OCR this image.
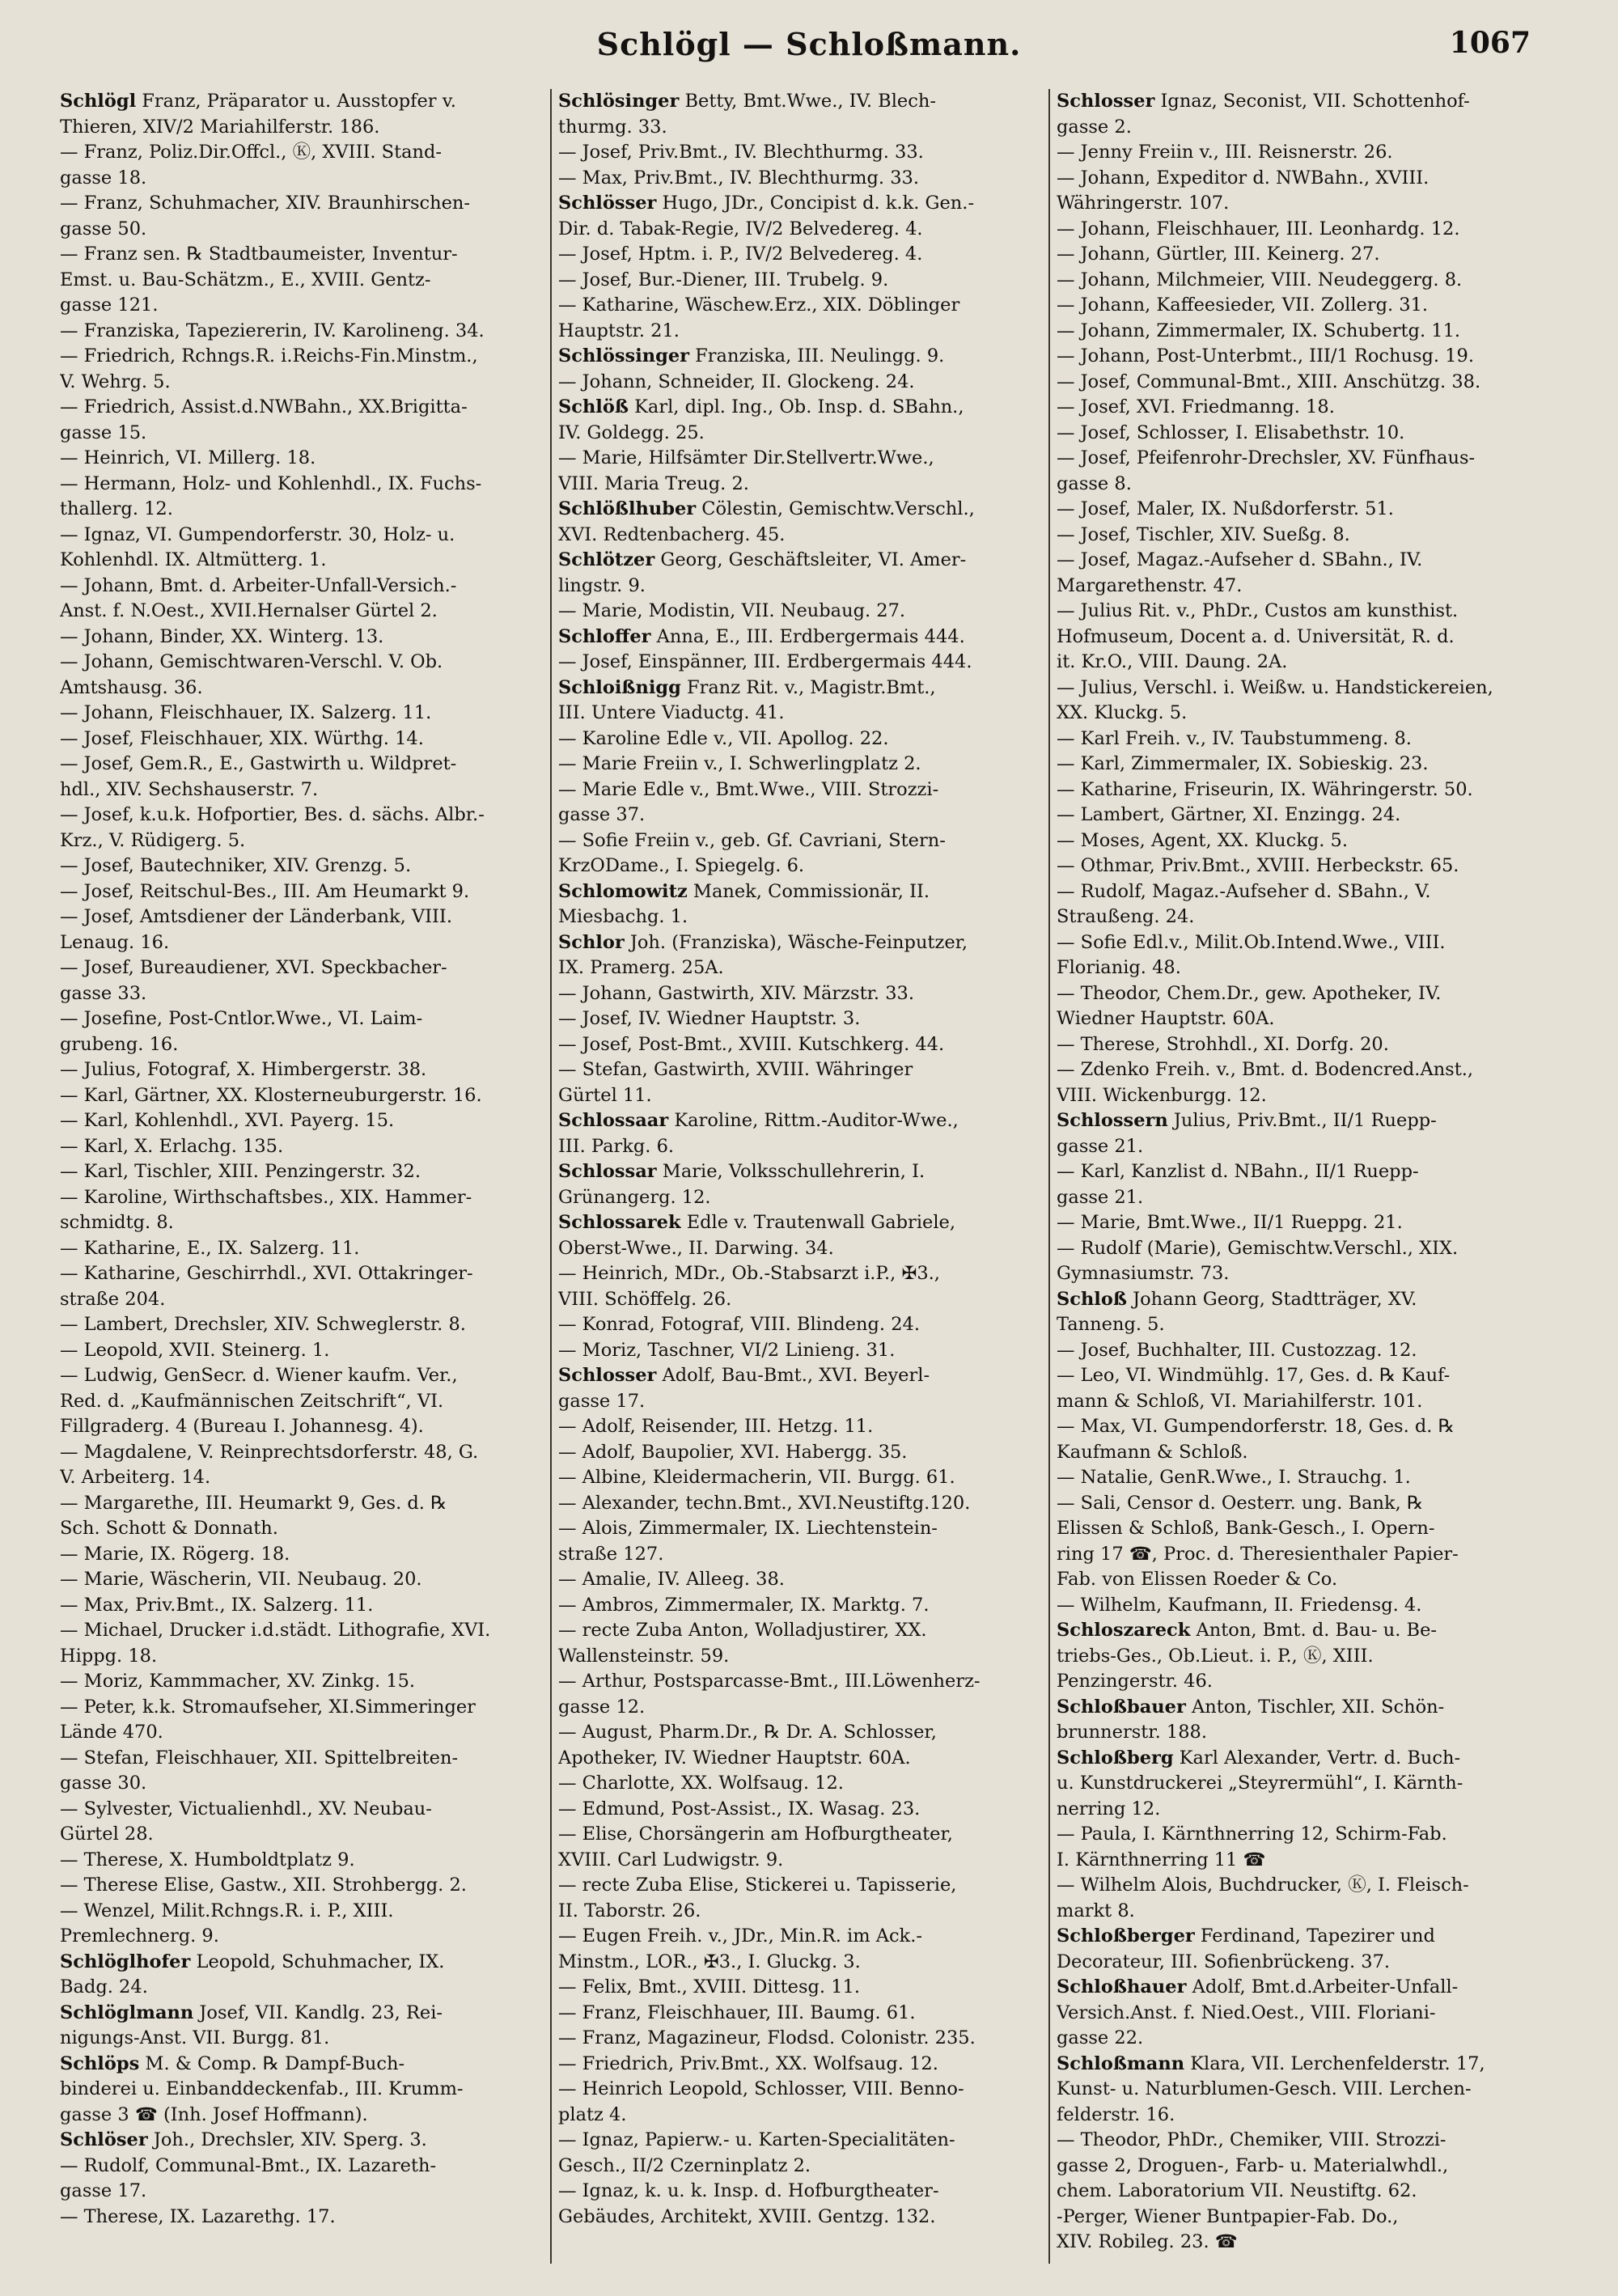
Schlögl — Schloßmann.	1067
Schlögl Franz, Präparator u. Ausstopfer v.
Thieren, XIV/2 Mariahilferstr. 186.
— Franz, Poliz.Dir.Offcl., Ⓚ, XVIII. Stand-
gasse 18.
— Franz, Schuhmacher, XIV. Braunhirschen-
gasse 50.
— Franz sen. ℞ Stadtbaumeister, Inventur-
Emst. u. Bau-Schätzm., E., XVIII. Gentz-
gasse 121.
— Franziska, Tapeziererin, IV. Karolineng. 34.
— Friedrich, Rchngs.R. i.Reichs-Fin.Minstm.,
V. Wehrg. 5.
— Friedrich, Assist.d.NWBahn., XX.Brigitta-
gasse 15.
— Heinrich, VI. Millerg. 18.
— Hermann, Holz- und Kohlenhdl., IX. Fuchs-
thallerg. 12.
— Ignaz, VI. Gumpendorferstr. 30, Holz- u.
Kohlenhdl. IX. Altmütterg. 1.
— Johann, Bmt. d. Arbeiter-Unfall-Versich.-
Anst. f. N.Oest., XVII.Hernalser Gürtel 2.
— Johann, Binder, XX. Winterg. 13.
— Johann, Gemischtwaren-Verschl. V. Ob.
Amtshausg. 36.
— Johann, Fleischhauer, IX. Salzerg. 11.
— Josef, Fleischhauer, XIX. Würthg. 14.
— Josef, Gem.R., E., Gastwirth u. Wildpret-
hdl., XIV. Sechshauserstr. 7.
— Josef, k.u.k. Hofportier, Bes. d. sächs. Albr.-
Krz., V. Rüdigerg. 5.
— Josef, Bautechniker, XIV. Grenzg. 5.
— Josef, Reitschul-Bes., III. Am Heumarkt 9.
— Josef, Amtsdiener der Länderbank, VIII.
Lenaug. 16.
— Josef, Bureaudiener, XVI. Speckbacher-
gasse 33.
— Josefine, Post-Cntlor.Wwe., VI. Laim-
grubeng. 16.
— Julius, Fotograf, X. Himbergerstr. 38.
— Karl, Gärtner, XX. Klosterneuburgerstr. 16.
— Karl, Kohlenhdl., XVI. Payerg. 15.
— Karl, X. Erlachg. 135.
— Karl, Tischler, XIII. Penzingerstr. 32.
— Karoline, Wirthschaftsbes., XIX. Hammer-
schmidtg. 8.
— Katharine, E., IX. Salzerg. 11.
— Katharine, Geschirrhdl., XVI. Ottakringer-
straße 204.
— Lambert, Drechsler, XIV. Schweglerstr. 8.
— Leopold, XVII. Steinerg. 1.
— Ludwig, GenSecr. d. Wiener kaufm. Ver.,
Red. d. „Kaufmännischen Zeitschrift“, VI.
Fillgraderg. 4 (Bureau I. Johannesg. 4).
— Magdalene, V. Reinprechtsdorferstr. 48, G.
V. Arbeiterg. 14.
— Margarethe, III. Heumarkt 9, Ges. d. ℞
Sch. Schott & Donnath.
— Marie, IX. Rögerg. 18.
— Marie, Wäscherin, VII. Neubaug. 20.
— Max, Priv.Bmt., IX. Salzerg. 11.
— Michael, Drucker i.d.städt. Lithografie, XVI.
Hippg. 18.
— Moriz, Kammmacher, XV. Zinkg. 15.
— Peter, k.k. Stromaufseher, XI.Simmeringer
Lände 470.
— Stefan, Fleischhauer, XII. Spittelbreiten-
gasse 30.
— Sylvester, Victualienhdl., XV. Neubau-
Gürtel 28.
— Therese, X. Humboldtplatz 9.
— Therese Elise, Gastw., XII. Strohbergg. 2.
— Wenzel, Milit.Rchngs.R. i. P., XIII.
Premlechnerg. 9.
Schlöglhofer Leopold, Schuhmacher, IX.
Badg. 24.
Schlöglmann Josef, VII. Kandlg. 23, Rei-
nigungs-Anst. VII. Burgg. 81.
Schlöps M. & Comp. ℞ Dampf-Buch-
binderei u. Einbanddeckenfab., III. Krumm-
gasse 3 ☎ (Inh. Josef Hoffmann).
Schlöser Joh., Drechsler, XIV. Sperg. 3.
— Rudolf, Communal-Bmt., IX. Lazareth-
gasse 17.
— Therese, IX. Lazarethg. 17.
Schlösinger Betty, Bmt.Wwe., IV. Blech-
thurmg. 33.
— Josef, Priv.Bmt., IV. Blechthurmg. 33.
— Max, Priv.Bmt., IV. Blechthurmg. 33.
Schlösser Hugo, JDr., Concipist d. k.k. Gen.-
Dir. d. Tabak-Regie, IV/2 Belvedereg. 4.
— Josef, Hptm. i. P., IV/2 Belvedereg. 4.
— Josef, Bur.-Diener, III. Trubelg. 9.
— Katharine, Wäschew.Erz., XIX. Döblinger
Hauptstr. 21.
Schlössinger Franziska, III. Neulingg. 9.
— Johann, Schneider, II. Glockeng. 24.
Schlöß Karl, dipl. Ing., Ob. Insp. d. SBahn.,
IV. Goldegg. 25.
— Marie, Hilfsämter Dir.Stellvertr.Wwe.,
VIII. Maria Treug. 2.
Schlößlhuber Cölestin, Gemischtw.Verschl.,
XVI. Redtenbacherg. 45.
Schlötzer Georg, Geschäftsleiter, VI. Amer-
lingstr. 9.
— Marie, Modistin, VII. Neubaug. 27.
Schloffer Anna, E., III. Erdbergermais 444.
— Josef, Einspänner, III. Erdbergermais 444.
Schloißnigg Franz Rit. v., Magistr.Bmt.,
III. Untere Viaductg. 41.
— Karoline Edle v., VII. Apollog. 22.
— Marie Freiin v., I. Schwerlingplatz 2.
— Marie Edle v., Bmt.Wwe., VIII. Strozzi-
gasse 37.
— Sofie Freiin v., geb. Gf. Cavriani, Stern-
KrzODame., I. Spiegelg. 6.
Schlomowitz Manek, Commissionär, II.
Miesbachg. 1.
Schlor Joh. (Franziska), Wäsche-Feinputzer,
IX. Pramerg. 25A.
— Johann, Gastwirth, XIV. Märzstr. 33.
— Josef, IV. Wiedner Hauptstr. 3.
— Josef, Post-Bmt., XVIII. Kutschkerg. 44.
— Stefan, Gastwirth, XVIII. Währinger
Gürtel 11.
Schlossaar Karoline, Rittm.-Auditor-Wwe.,
III. Parkg. 6.
Schlossar Marie, Volksschullehrerin, I.
Grünangerg. 12.
Schlossarek Edle v. Trautenwall Gabriele,
Oberst-Wwe., II. Darwing. 34.
— Heinrich, MDr., Ob.-Stabsarzt i.P., ✠3.,
VIII. Schöffelg. 26.
— Konrad, Fotograf, VIII. Blindeng. 24.
— Moriz, Taschner, VI/2 Linieng. 31.
Schlosser Adolf, Bau-Bmt., XVI. Beyerl-
gasse 17.
— Adolf, Reisender, III. Hetzg. 11.
— Adolf, Baupolier, XVI. Habergg. 35.
— Albine, Kleidermacherin, VII. Burgg. 61.
— Alexander, techn.Bmt., XVI.Neustiftg.120.
— Alois, Zimmermaler, IX. Liechtenstein-
straße 127.
— Amalie, IV. Alleeg. 38.
— Ambros, Zimmermaler, IX. Marktg. 7.
— recte Zuba Anton, Wolladjustirer, XX.
Wallensteinstr. 59.
— Arthur, Postsparcasse-Bmt., III.Löwenherz-
gasse 12.
— August, Pharm.Dr., ℞ Dr. A. Schlosser,
Apotheker, IV. Wiedner Hauptstr. 60A.
— Charlotte, XX. Wolfsaug. 12.
— Edmund, Post-Assist., IX. Wasag. 23.
— Elise, Chorsängerin am Hofburgtheater,
XVIII. Carl Ludwigstr. 9.
— recte Zuba Elise, Stickerei u. Tapisserie,
II. Taborstr. 26.
— Eugen Freih. v., JDr., Min.R. im Ack.-
Minstm., LOR., ✠3., I. Gluckg. 3.
— Felix, Bmt., XVIII. Dittesg. 11.
— Franz, Fleischhauer, III. Baumg. 61.
— Franz, Magazineur, Flodsd. Colonistr. 235.
— Friedrich, Priv.Bmt., XX. Wolfsaug. 12.
— Heinrich Leopold, Schlosser, VIII. Benno-
platz 4.
— Ignaz, Papierw.- u. Karten-Specialitäten-
Gesch., II/2 Czerninplatz 2.
— Ignaz, k. u. k. Insp. d. Hofburgtheater-
Gebäudes, Architekt, XVIII. Gentzg. 132.
Schlosser Ignaz, Seconist, VII. Schottenhof-
gasse 2.
— Jenny Freiin v., III. Reisnerstr. 26.
— Johann, Expeditor d. NWBahn., XVIII.
Währingerstr. 107.
— Johann, Fleischhauer, III. Leonhardg. 12.
— Johann, Gürtler, III. Keinerg. 27.
— Johann, Milchmeier, VIII. Neudeggerg. 8.
— Johann, Kaffeesieder, VII. Zollerg. 31.
— Johann, Zimmermaler, IX. Schubertg. 11.
— Johann, Post-Unterbmt., III/1 Rochusg. 19.
— Josef, Communal-Bmt., XIII. Anschützg. 38.
— Josef, XVI. Friedmanng. 18.
— Josef, Schlosser, I. Elisabethstr. 10.
— Josef, Pfeifenrohr-Drechsler, XV. Fünfhaus-
gasse 8.
— Josef, Maler, IX. Nußdorferstr. 51.
— Josef, Tischler, XIV. Sueßg. 8.
— Josef, Magaz.-Aufseher d. SBahn., IV.
Margarethenstr. 47.
— Julius Rit. v., PhDr., Custos am kunsthist.
Hofmuseum, Docent a. d. Universität, R. d.
it. Kr.O., VIII. Daung. 2A.
— Julius, Verschl. i. Weißw. u. Handstickereien,
XX. Kluckg. 5.
— Karl Freih. v., IV. Taubstummeng. 8.
— Karl, Zimmermaler, IX. Sobieskig. 23.
— Katharine, Friseurin, IX. Währingerstr. 50.
— Lambert, Gärtner, XI. Enzingg. 24.
— Moses, Agent, XX. Kluckg. 5.
— Othmar, Priv.Bmt., XVIII. Herbeckstr. 65.
— Rudolf, Magaz.-Aufseher d. SBahn., V.
Straußeng. 24.
— Sofie Edl.v., Milit.Ob.Intend.Wwe., VIII.
Florianig. 48.
— Theodor, Chem.Dr., gew. Apotheker, IV.
Wiedner Hauptstr. 60A.
— Therese, Strohhdl., XI. Dorfg. 20.
— Zdenko Freih. v., Bmt. d. Bodencred.Anst.,
VIII. Wickenburgg. 12.
Schlossern Julius, Priv.Bmt., II/1 Ruepp-
gasse 21.
— Karl, Kanzlist d. NBahn., II/1 Ruepp-
gasse 21.
— Marie, Bmt.Wwe., II/1 Rueppg. 21.
— Rudolf (Marie), Gemischtw.Verschl., XIX.
Gymnasiumstr. 73.
Schloß Johann Georg, Stadtträger, XV.
Tanneng. 5.
— Josef, Buchhalter, III. Custozzag. 12.
— Leo, VI. Windmühlg. 17, Ges. d. ℞ Kauf-
mann & Schloß, VI. Mariahilferstr. 101.
— Max, VI. Gumpendorferstr. 18, Ges. d. ℞
Kaufmann & Schloß.
— Natalie, GenR.Wwe., I. Strauchg. 1.
— Sali, Censor d. Oesterr. ung. Bank, ℞
Elissen & Schloß, Bank-Gesch., I. Opern-
ring 17 ☎, Proc. d. Theresienthaler Papier-
Fab. von Elissen Roeder & Co.
— Wilhelm, Kaufmann, II. Friedensg. 4.
Schloszareck Anton, Bmt. d. Bau- u. Be-
triebs-Ges., Ob.Lieut. i. P., Ⓚ, XIII.
Penzingerstr. 46.
Schloßbauer Anton, Tischler, XII. Schön-
brunnerstr. 188.
Schloßberg Karl Alexander, Vertr. d. Buch-
u. Kunstdruckerei „Steyrermühl“, I. Kärnth-
nerring 12.
— Paula, I. Kärnthnerring 12, Schirm-Fab.
I. Kärnthnerring 11 ☎
— Wilhelm Alois, Buchdrucker, Ⓚ, I. Fleisch-
markt 8.
Schloßberger Ferdinand, Tapezirer und
Decorateur, III. Sofienbrückeng. 37.
Schloßhauer Adolf, Bmt.d.Arbeiter-Unfall-
Versich.Anst. f. Nied.Oest., VIII. Floriani-
gasse 22.
Schloßmann Klara, VII. Lerchenfelderstr. 17,
Kunst- u. Naturblumen-Gesch. VIII. Lerchen-
felderstr. 16.
— Theodor, PhDr., Chemiker, VIII. Strozzi-
gasse 2, Droguen-, Farb- u. Materialwhdl.,
chem. Laboratorium VII. Neustiftg. 62.
-Perger, Wiener Buntpapier-Fab. Do.,
XIV. Robileg. 23. ☎
